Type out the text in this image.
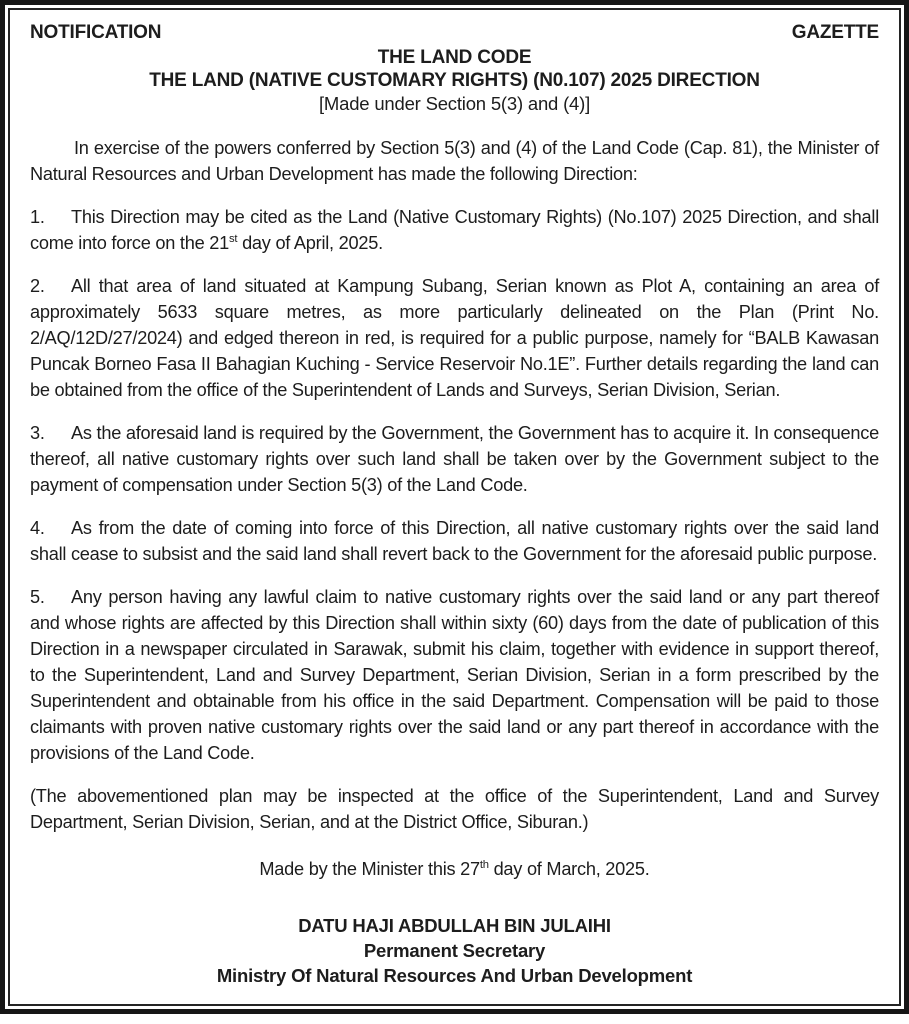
NOTIFICATION	GAZETTE
THE LAND CODE
THE LAND (NATIVE CUSTOMARY RIGHTS) (N0.107) 2025 DIRECTION
[Made under Section 5(3) and (4)]

In exercise of the powers conferred by Section 5(3) and (4) of the Land Code (Cap. 81), the Minister of Natural Resources and Urban Development has made the following Direction:

1. This Direction may be cited as the Land (Native Customary Rights) (No.107) 2025 Direction, and shall come into force on the 21st day of April, 2025.

2. All that area of land situated at Kampung Subang, Serian known as Plot A, containing an area of approximately 5633 square metres, as more particularly delineated on the Plan (Print No. 2/AQ/12D/27/2024) and edged thereon in red, is required for a public purpose, namely for “BALB Kawasan Puncak Borneo Fasa II Bahagian Kuching - Service Reservoir No.1E”. Further details regarding the land can be obtained from the office of the Superintendent of Lands and Surveys, Serian Division, Serian.

3. As the aforesaid land is required by the Government, the Government has to acquire it. In consequence thereof, all native customary rights over such land shall be taken over by the Government subject to the payment of compensation under Section 5(3) of the Land Code.

4. As from the date of coming into force of this Direction, all native customary rights over the said land shall cease to subsist and the said land shall revert back to the Government for the aforesaid public purpose.

5. Any person having any lawful claim to native customary rights over the said land or any part thereof and whose rights are affected by this Direction shall within sixty (60) days from the date of publication of this Direction in a newspaper circulated in Sarawak, submit his claim, together with evidence in support thereof, to the Superintendent, Land and Survey Department, Serian Division, Serian in a form prescribed by the Superintendent and obtainable from his office in the said Department. Compensation will be paid to those claimants with proven native customary rights over the said land or any part thereof in accordance with the provisions of the Land Code.

(The abovementioned plan may be inspected at the office of the Superintendent, Land and Survey Department, Serian Division, Serian, and at the District Office, Siburan.)

Made by the Minister this 27th day of March, 2025.

DATU HAJI ABDULLAH BIN JULAIHI
Permanent Secretary
Ministry Of Natural Resources And Urban Development
